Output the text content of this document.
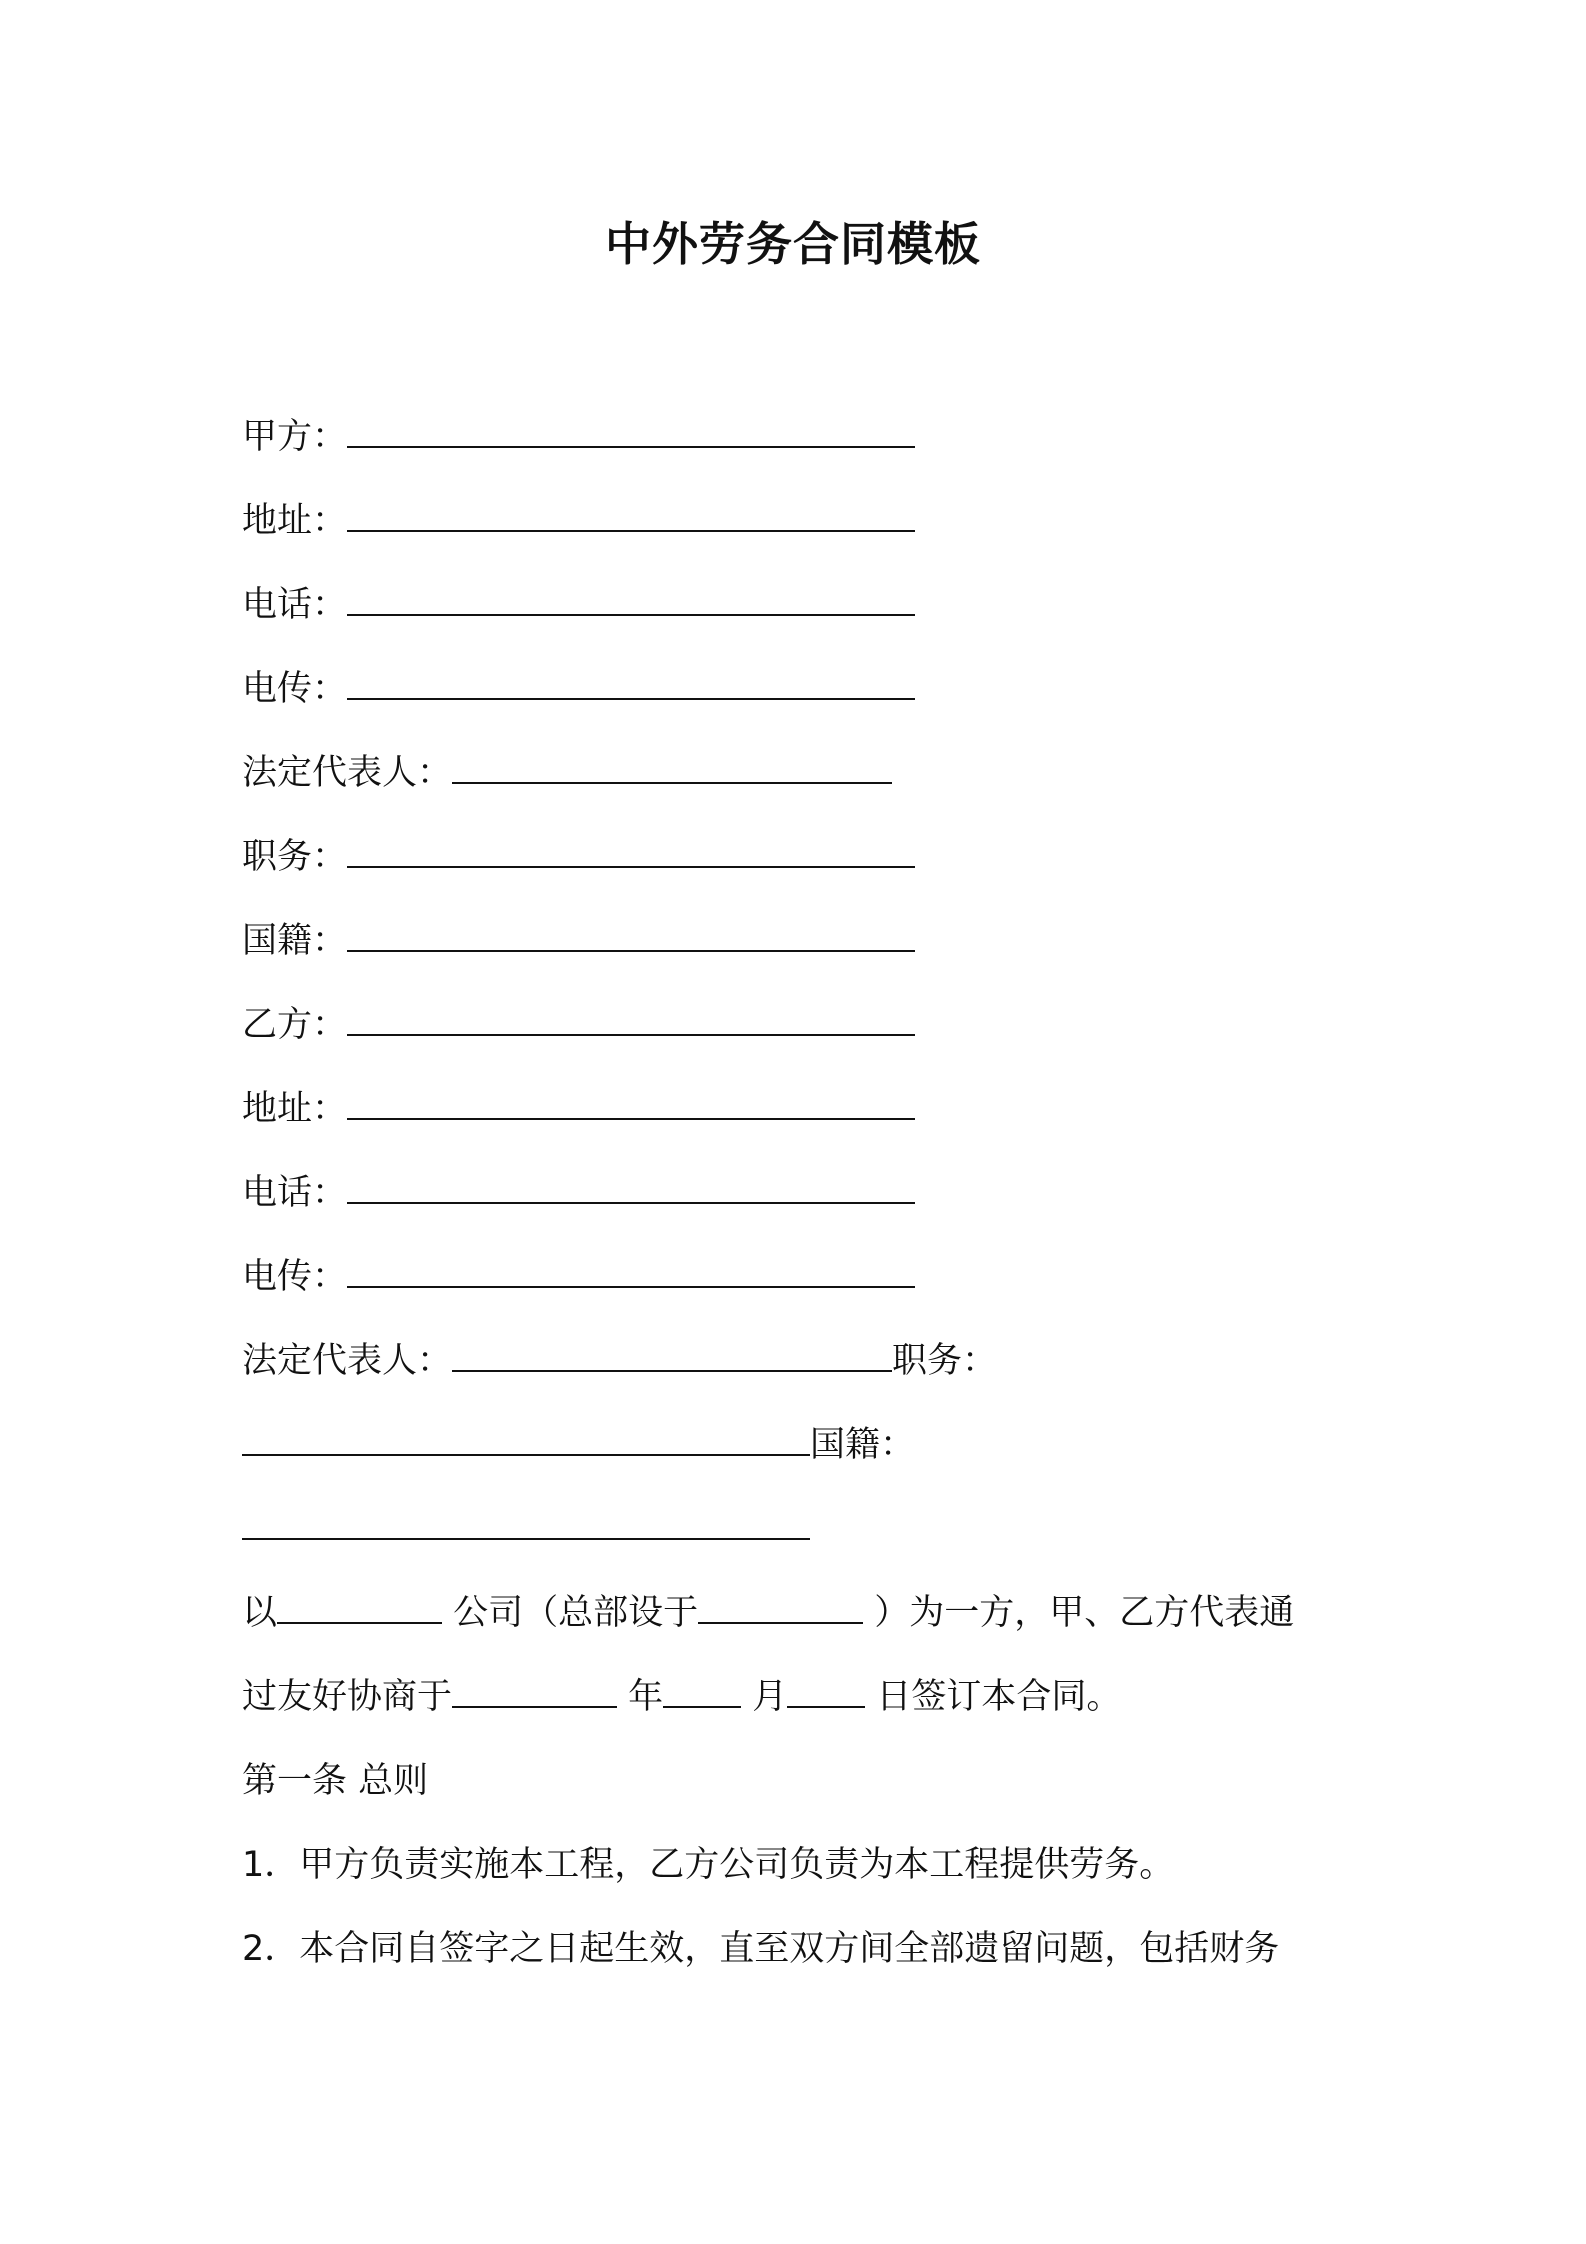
中外劳务合同模板
甲方：
地址：
电话：
电传：
法定代表人：
职务：
国籍：
乙方：
地址：
电话：
电传：
法定代表人：	职务：
国籍：
以	公司（总部设于	）为一方，甲、乙方代表通
过友好协商于	年 月 日签订本合同。
第一条 总则
1．甲方负责实施本工程，乙方公司负责为本工程提供劳务。
2．本合同自签字之日起生效，直至双方间全部遗留问题，包括财务
